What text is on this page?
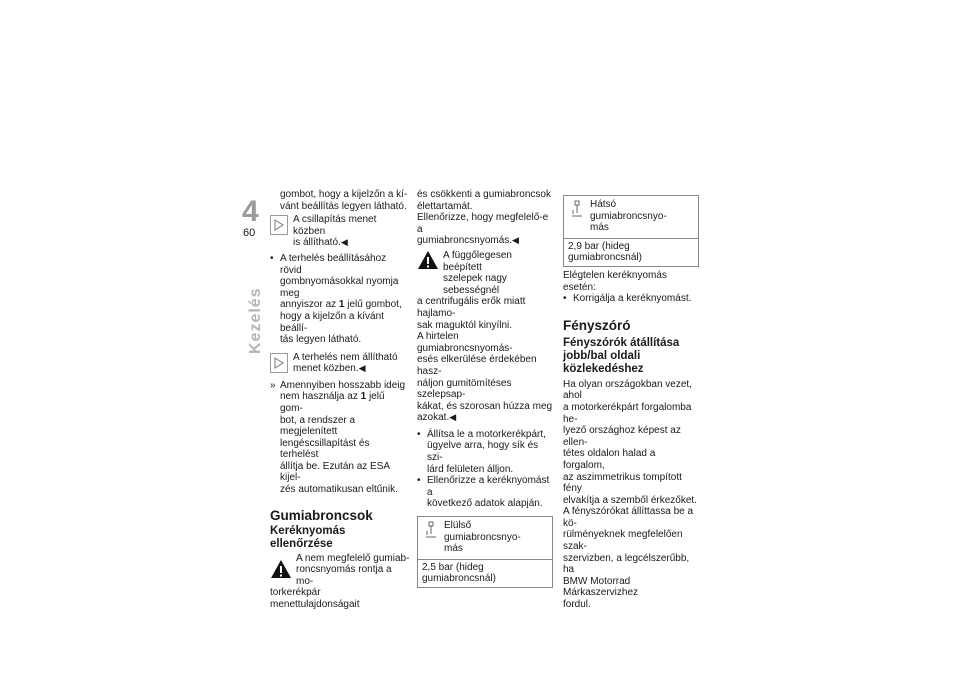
4
60
Kezelés

gombot, hogy a kijelzőn a kí-

vánt beállítás legyen látható.

A csillapítás menet közben

is állítható.◀

• A terhelés beállításához rövid

gombnyomásokkal nyomja meg

annyiszor az 1 jelű gombot,

hogy a kijelzőn a kívánt beállí-

tás legyen látható.

A terhelés nem állítható

menet közben.◀

» Amennyiben hosszabb ideig

nem használja az 1 jelű gom-

bot, a rendszer a megjelenített

lengéscsillapítást és terhelést

állítja be. Ezután az ESA kijel-

zés automatikusan eltűnik.

Gumiabroncsok
Keréknyomás ellenőrzése

A nem megfelelő gumiab-

roncsnyomás rontja a mo-

torkerékpár menettulajdonságait

és csökkenti a gumiabroncsok

élettartamát.

Ellenőrizze, hogy megfelelő-e a

gumiabroncsnyomás.◀

A függőlegesen beépített

szelepek nagy sebességnél

a centrifugális erők miatt hajlamo-

sak maguktól kinyílni.

A hirtelen gumiabroncsnyomás-

esés elkerülése érdekében hasz-

náljon gumitömítéses szelepsap-

kákat, és szorosan húzza meg

azokat.◀

• Állítsa le a motorkerékpárt,

ügyelve arra, hogy sík és szi-

lárd felületen álljon.

• Ellenőrizze a keréknyomást a

következő adatok alapján.

Elülső gumiabroncsnyo-

más

2,5 bar (hideg gumiabroncsnál)

Hátsó gumiabroncsnyo-

más

2,9 bar (hideg gumiabroncsnál)

Elégtelen keréknyomás esetén:

• Korrigálja a keréknyomást.

Fényszóró
Fényszórók átállítása
jobb/bal oldali
közlekedéshez

Ha olyan országokban vezet, ahol

a motorkerékpárt forgalomba he-

lyező országhoz képest az ellen-

tétes oldalon halad a forgalom,

az aszimmetrikus tompított fény

elvakítja a szemből érkezőket.

A fényszórókat állíttassa be a kö-

rülményeknek megfelelően szak-

szervizben, a legcélszerűbb, ha

BMW Motorrad Márkaszervizhez

fordul.
